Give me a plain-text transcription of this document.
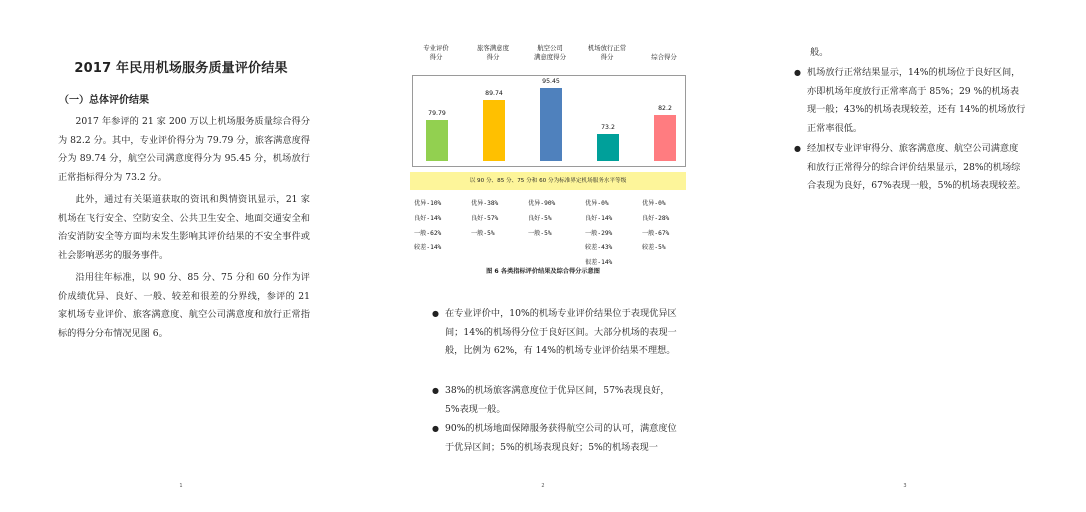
2017 年民用机场服务质量评价结果
（一）总体评价结果

2017 年参评的 21 家 200 万以上机场服务质量综合得分为 82.2 分。其中，专业评价得分为 79.79 分，旅客满意度得分为 89.74 分，航空公司满意度得分为 95.45 分，机场放行正常指标得分为 73.2 分。

此外，通过有关渠道获取的资讯和舆情资讯显示，21 家机场在飞行安全、空防安全、公共卫生安全、地面交通安全和治安消防安全等方面均未发生影响其评价结果的不安全事件或社会影响恶劣的服务事件。

沿用往年标准，以 90 分、85 分、75 分和 60 分作为评价成绩优异、良好、一般、较差和很差的分界线，参评的 21 家机场专业评价、旅客满意度、航空公司满意度和放行正常指标的得分分布情况见图 6。

1
专业评价
得分
旅客满意度
得分
航空公司
满意度得分
机场放行正常
得分	综合得分
79.79
89.74
95.45
73.2
82.2
以 90 分、85 分、75 分和 60 分为标准界定机场服务水平等级
优异-10%
良好-14%
一般-62%
较差-14%
优异-38%
良好-57%
一般-5%
优异-90%
良好-5%
一般-5%
优异-0%
良好-14%
一般-29%
较差-43%
很差-14%
优异-0%
良好-28%
一般-67%
较差-5%
图 6 各类指标评价结果及综合得分示意图

● 在专业评价中，10%的机场专业评价结果位于表现优异区间；14%的机场得分位于良好区间。大部分机场的表现一般，比例为 62%，有 14%的机场专业评价结果不理想。

● 38%的机场旅客满意度位于优异区间，57%表现良好，5%表现一般。

● 90%的机场地面保障服务获得航空公司的认可，满意度位于优异区间；5%的机场表现良好；5%的机场表现一

2
般。

● 机场放行正常结果显示，14%的机场位于良好区间，亦即机场年度放行正常率高于 85%；29 %的机场表现一般；43%的机场表现较差，还有 14%的机场放行正常率很低。

● 经加权专业评审得分、旅客满意度、航空公司满意度和放行正常得分的综合评价结果显示，28%的机场综合表现为良好，67%表现一般，5%的机场表现较差。

3
